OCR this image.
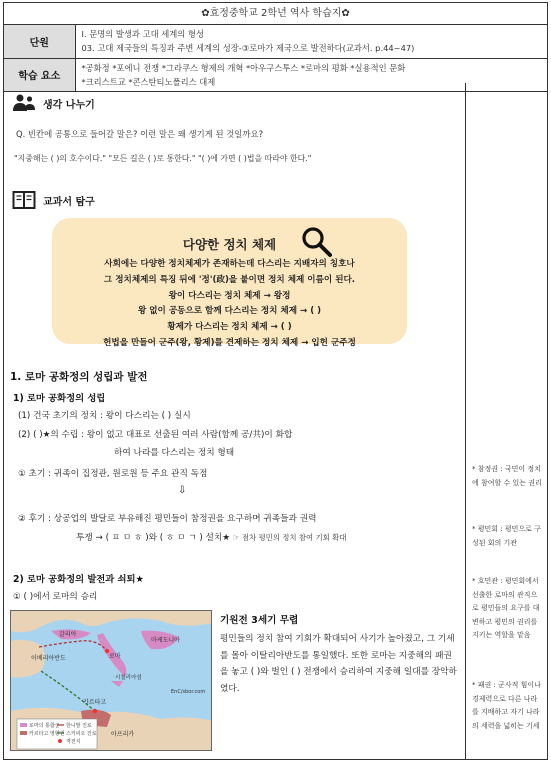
✿효정중학교 2학년 역사 학습지✿
단원	Ⅰ. 문명의 발생과 고대 세계의 형성
03. 고대 제국들의 특징과 주변 세계의 성장-③로마가 제국으로 발전하다(교과서. p.44~47)

학습 요소	*공화정 *포에니 전쟁 *그라쿠스 형제의 개혁 *아우구스투스 *로마의 평화 *실용적인 문화
*크리스트교 *콘스탄티노폴리스 대제
생각 나누기
Q. 빈칸에 공통으로 들어갈 말은? 이런 말은 왜 생기게 된 것일까요?
"지중해는 ( )의 호수이다." "모든 길은 ( )로 통한다." "( )에 가면 ( )법을 따라야 한다."
교과서 탐구
다양한 정치 체제
사회에는 다양한 정치체제가 존재하는데 다스리는 지배자의 칭호나
그 정치체제의 특징 뒤에 '정'(政)을 붙이면 정치 체제 이름이 된다.
왕이 다스리는 정치 체제 → 왕정
왕 없이 공동으로 함께 다스리는 정치 체제 → ( )
황제가 다스리는 정치 체제 → ( )
헌법을 만들어 군주(왕, 황제)를 견제하는 정치 체제 → 입헌 군주정
1. 로마 공화정의 성립과 발전
1) 로마 공화정의 성립
(1) 건국 초기의 정치 : 왕이 다스리는 ( ) 실시
(2) ( )★의 수립 : 왕이 없고 대표로 선출된 여러 사람(함께 공/共)이 화합
하여 나라를 다스리는 정치 형태
① 초기 : 귀족이 집정관, 원로원 등 주요 관직 독점
⇩
② 후기 : 상공업의 발달로 부유해진 평민들이 참정권을 요구하며 귀족들과 권력
투쟁 → ( ㅍ ㅁ ㅎ )와 ( ㅎ ㅁ ㄱ ) 설치★ ☞ 점차 평민의 정치 참여 기회 확대
2) 로마 공화정의 발전과 쇠퇴★
① ( )에서 로마의 승리
이베리아반도
갈리아
로마
카르타고
아프리카
시칠리아섬
마케도니아
로마의 통합군
카르타고 영향권
한니발 진로
스키피오 진로
격전지
EnC/sbor.com
기원전 3세기 무렵
평민들의 정치 참여 기회가 확대되어 사기가 높아졌고, 그 기세를 몰아 이탈리아반도를 통일했다. 또한 로마는 지중해의 패권을 놓고 ( )와 벌인 ( ) 전쟁에서 승리하여 지중해 일대를 장악하였다.
* 참정권 : 국민이 정치에 참여할 수 있는 권리
* 평민회 : 평민으로 구성된 회의 기관
* 호민관 : 평민회에서 선출한 로마의 관직으로 평민들의 요구를 대변하고 평민의 권리를 지키는 역할을 맡음
* 패권 : 군사적 힘이나 경제력으로 다른 나라를 지배하고 자기 나라의 세력을 넓히는 기세
